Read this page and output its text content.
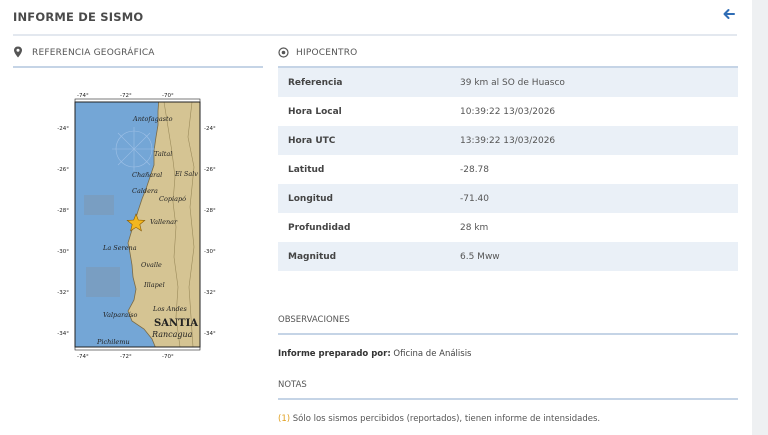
INFORME DE SISMO
REFERENCIA GEOGRÁFICA
-74°	-72°	-70°
-74°	-72°	-70°
-24°
-26°
-28°
-30°
-32°
-34°
-24°
-26°
-28°
-30°
-32°
-34°
Antofagasto
Taltal
Chañaral El Salv
Caldera
Copiapó
Vallenar
La Serena
Ovalle
Illapel
Los Andes
Valparaíso
SANTIA
Rancagua
Pichilemu
HIPOCENTRO
Referencia	39 km al SO de Huasco
Hora Local	10:39:22 13/03/2026
Hora UTC	13:39:22 13/03/2026
Latitud	-28.78
Longitud	-71.40
Profundidad	28 km
Magnitud	6.5 Mww
OBSERVACIONES
Informe preparado por: Oficina de Análisis
NOTAS
(1) Sólo los sismos percibidos (reportados), tienen informe de intensidades.
